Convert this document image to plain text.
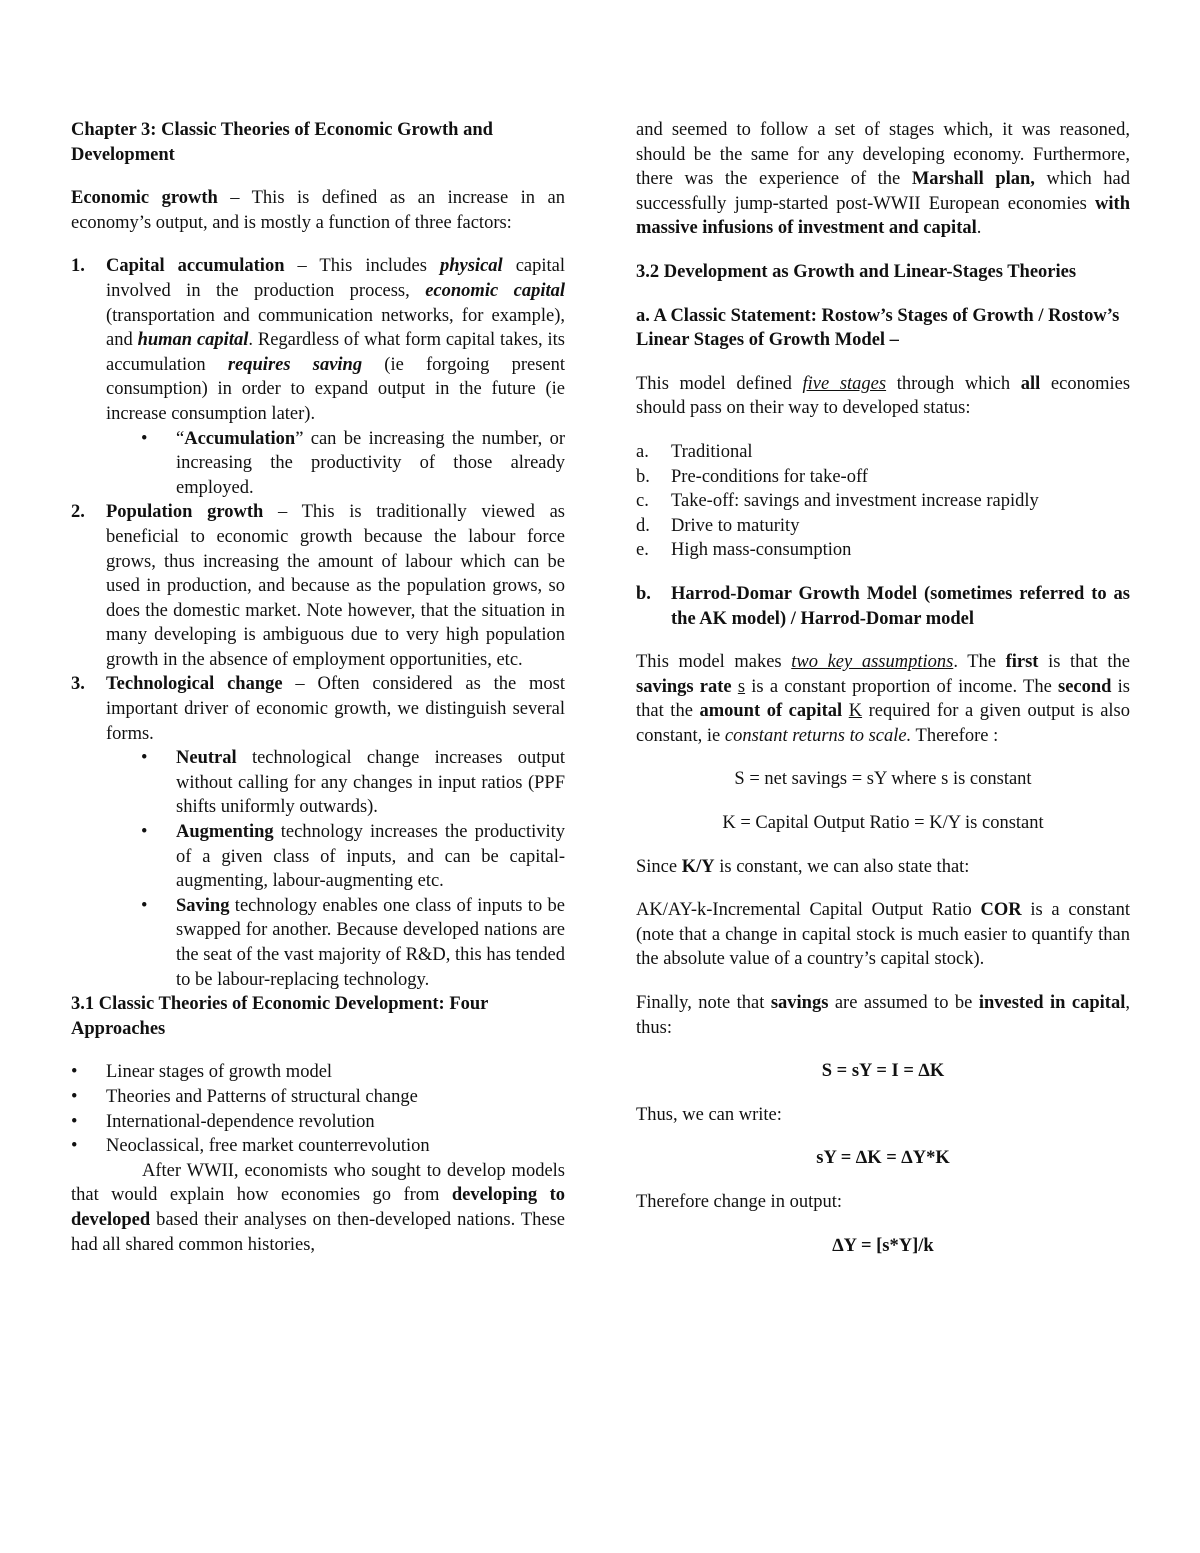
Chapter 3: Classic Theories of Economic Growth and Development

Economic growth – This is defined as an increase in an economy’s output, and is mostly a function of three factors:

1. Capital accumulation – This includes physical capital involved in the production process, economic capital (transportation and communication networks, for example), and human capital. Regardless of what form capital takes, its accumulation requires saving (ie forgoing present consumption) in order to expand output in the future (ie increase consumption later).
• “Accumulation” can be increasing the number, or increasing the productivity of those already employed.
2. Population growth – This is traditionally viewed as beneficial to economic growth because the labour force grows, thus increasing the amount of labour which can be used in production, and because as the population grows, so does the domestic market. Note however, that the situation in many developing is ambiguous due to very high population growth in the absence of employment opportunities, etc.
3. Technological change – Often considered as the most important driver of economic growth, we distinguish several forms.
• Neutral technological change increases output without calling for any changes in input ratios (PPF shifts uniformly outwards).
• Augmenting technology increases the productivity of a given class of inputs, and can be capital-augmenting, labour-augmenting etc.
• Saving technology enables one class of inputs to be swapped for another. Because developed nations are the seat of the vast majority of R&D, this has tended to be labour-replacing technology.
3.1 Classic Theories of Economic Development: Four Approaches
• Linear stages of growth model
• Theories and Patterns of structural change
• International-dependence revolution
• Neoclassical, free market counterrevolution

After WWII, economists who sought to develop models that would explain how economies go from developing to developed based their analyses on then-developed nations. These had all shared common histories,

and seemed to follow a set of stages which, it was reasoned, should be the same for any developing economy. Furthermore, there was the experience of the Marshall plan, which had successfully jump-started post-WWII European economies with massive infusions of investment and capital.

3.2 Development as Growth and Linear-Stages Theories
a. A Classic Statement: Rostow’s Stages of Growth / Rostow’s Linear Stages of Growth Model –

This model defined five stages through which all economies should pass on their way to developed status:

a. Traditional
b. Pre-conditions for take-off
c. Take-off: savings and investment increase rapidly
d. Drive to maturity
e. High mass-consumption
b. Harrod-Domar Growth Model (sometimes referred to as the AK model) / Harrod-Domar model

This model makes two key assumptions. The first is that the savings rate s is a constant proportion of income. The second is that the amount of capital K required for a given output is also constant, ie constant returns to scale. Therefore :

S = net savings = sY where s is constant

K = Capital Output Ratio = K/Y is constant

Since K/Y is constant, we can also state that:

AK/AY-k-Incremental Capital Output Ratio COR is a constant (note that a change in capital stock is much easier to quantify than the absolute value of a country’s capital stock).

Finally, note that savings are assumed to be invested in capital, thus:

S = sY = I = ∆K

Thus, we can write:

sY = ∆K = ∆Y*K

Therefore change in output:

∆Y = [s*Y]/k
